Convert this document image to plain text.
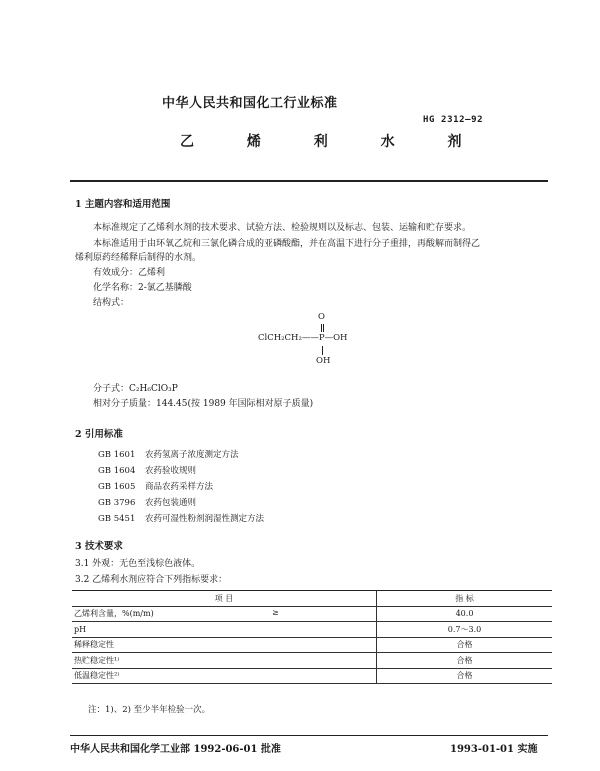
中华人民共和国化工行业标准
HG 2312—92
乙 烯 利 水 剂
1 主题内容和适用范围
本标准规定了乙烯利水剂的技术要求、试验方法、检验规则以及标志、包装、运输和贮存要求。
本标准适用于由环氧乙烷和三氯化磷合成的亚磷酸酯，并在高温下进行分子重排，再酸解而制得乙
烯利原药经稀释后制得的水剂。
有效成分：乙烯利
化学名称：2-氯乙基膦酸
结构式：
O
ClCH₂CH₂——P—OH
OH
分子式：C₂H₆ClO₃P
相对分子质量：144.45(按 1989 年国际相对原子质量)
2 引用标准
GB 1601 农药氢离子浓度测定方法
GB 1604 农药验收规则
GB 1605 商品农药采样方法
GB 3796 农药包装通则
GB 5451 农药可湿性粉剂润湿性测定方法
3 技术要求
3.1 外观：无色至浅棕色液体。
3.2 乙烯利水剂应符合下列指标要求：
项 目	指 标
乙烯利含量，%(m/m) ≥	40.0
pH	0.7～3.0
稀释稳定性	合格
热贮稳定性¹⁾	合格
低温稳定性²⁾	合格
注：1)、2) 至少半年检验一次。
中华人民共和国化学工业部 1992-06-01 批准	1993-01-01 实施
